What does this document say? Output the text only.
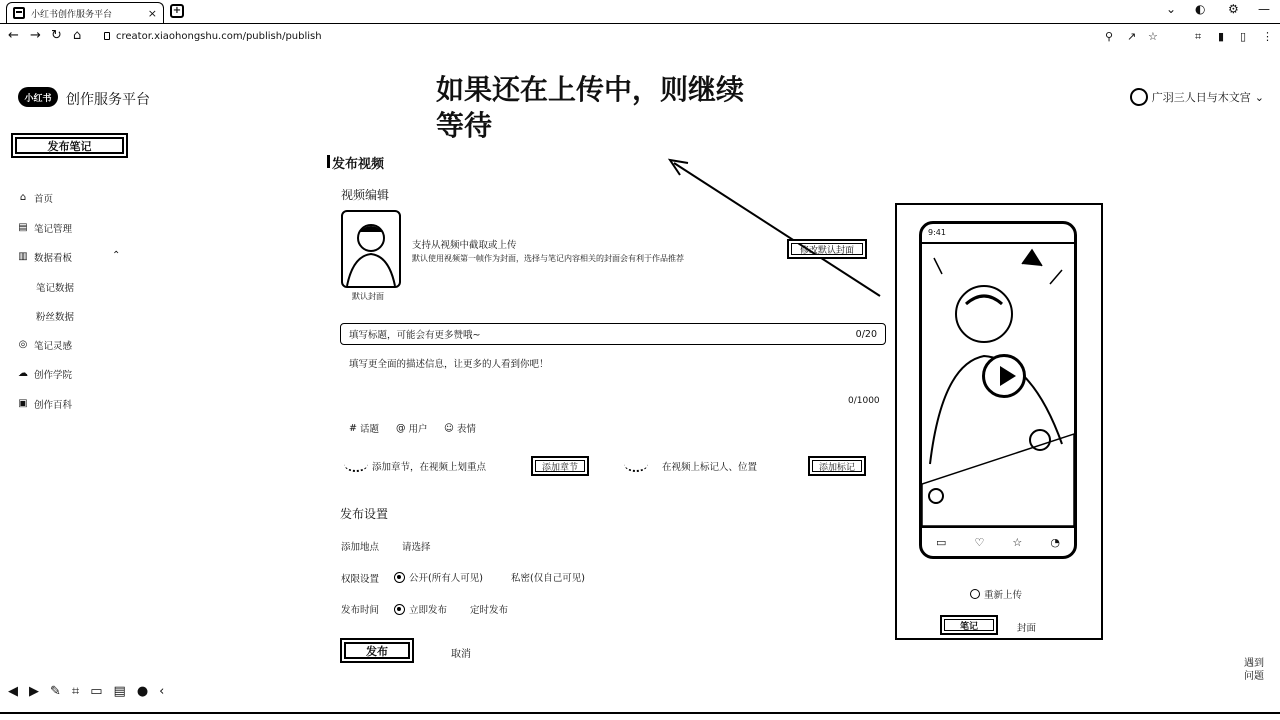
小红书创作服务平台	× +	⌄ ◐ ⚙ —
← → ↻ ⌂	creator.xiaohongshu.com/publish/publish	⚲ ↗ ☆	⌗ ▮ ▯ ⋮
小红书	创作服务平台	广羽三人日与木文宫 ⌄
如果还在上传中，则继续
等待
发布笔记
⌂ 首页
▤ 笔记管理
▥ 数据看板	⌃
笔记数据
粉丝数据
◎ 笔记灵感
☁ 创作学院
▣ 创作百科
发布视频
视频编辑
默认封面
支持从视频中截取或上传
默认使用视频第一帧作为封面，选择与笔记内容相关的封面会有利于作品推荐
修改默认封面
填写标题，可能会有更多赞哦~	0/20
填写更全面的描述信息，让更多的人看到你吧！
0/1000
# 话题 @ 用户 ☺ 表情
添加章节，在视频上划重点	添加章节	在视频上标记人、位置	添加标记
发布设置
添加地点 请选择
权限设置	公开(所有人可见)	私密(仅自己可见)
发布时间	立即发布 定时发布
发布	取消
9:41
▭	♡	☆	◔
重新上传
笔记	封面
遇到问题
◀ ▶ ✎ ⌗ ▭ ▤ ● ‹
